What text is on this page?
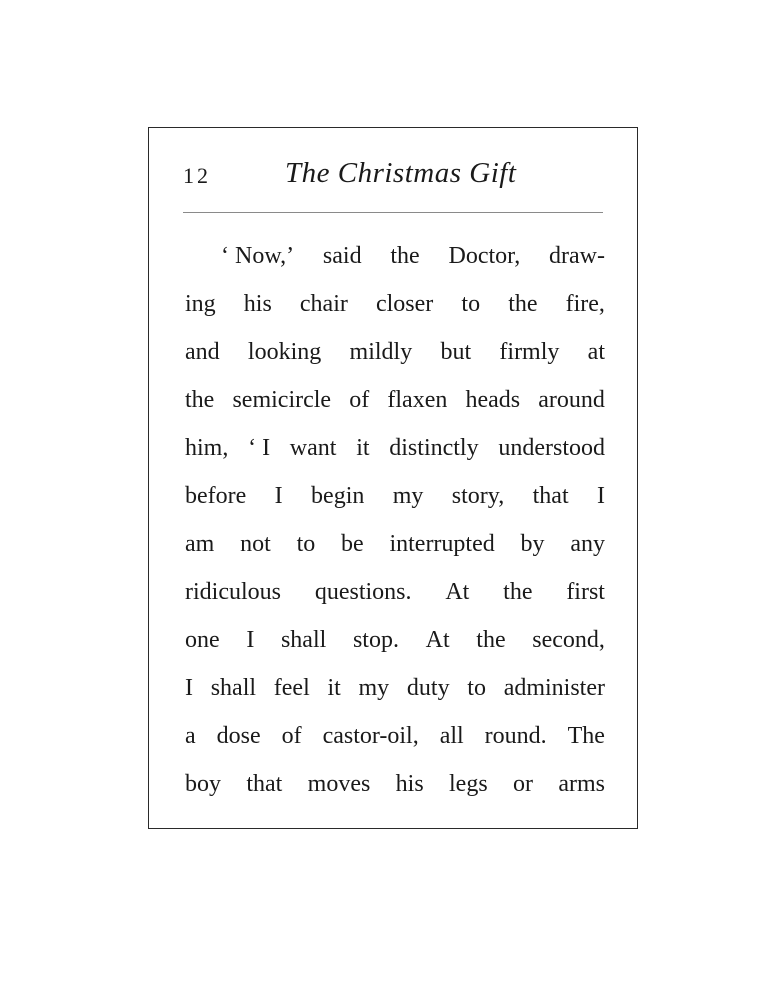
12	The Christmas Gift
‘ Now,’ said the Doctor, draw-
ing his chair closer to the fire,
and looking mildly but firmly at
the semicircle of flaxen heads around
him, ‘ I want it distinctly understood
before I begin my story, that I
am not to be interrupted by any
ridiculous questions. At the first
one I shall stop. At the second,
I shall feel it my duty to administer
a dose of castor-oil, all round. The
boy that moves his legs or arms
